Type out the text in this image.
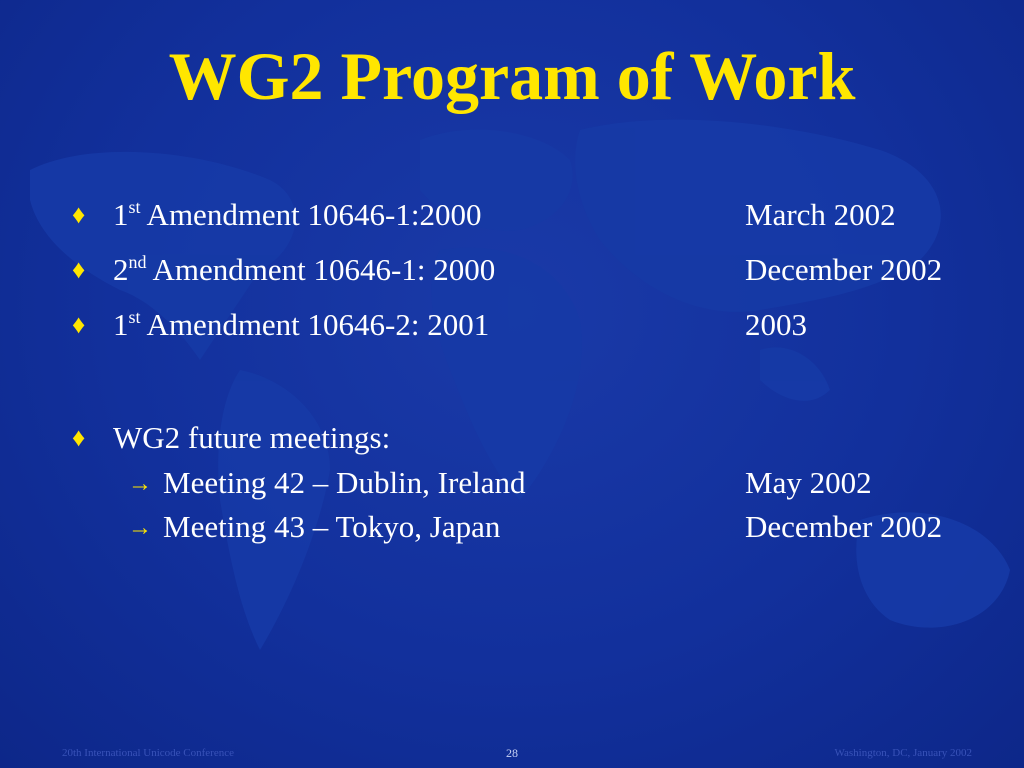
WG2 Program of Work
♦ 1st Amendment 10646-1:2000	March 2002
♦ 2nd Amendment 10646-1: 2000	December 2002
♦ 1st Amendment 10646-2: 2001	2003
♦ WG2 future meetings:
→ Meeting 42 – Dublin, Ireland	May 2002
→ Meeting 43 – Tokyo, Japan	December 2002
20th International Unicode Conference	28	Washington, DC, January 2002
